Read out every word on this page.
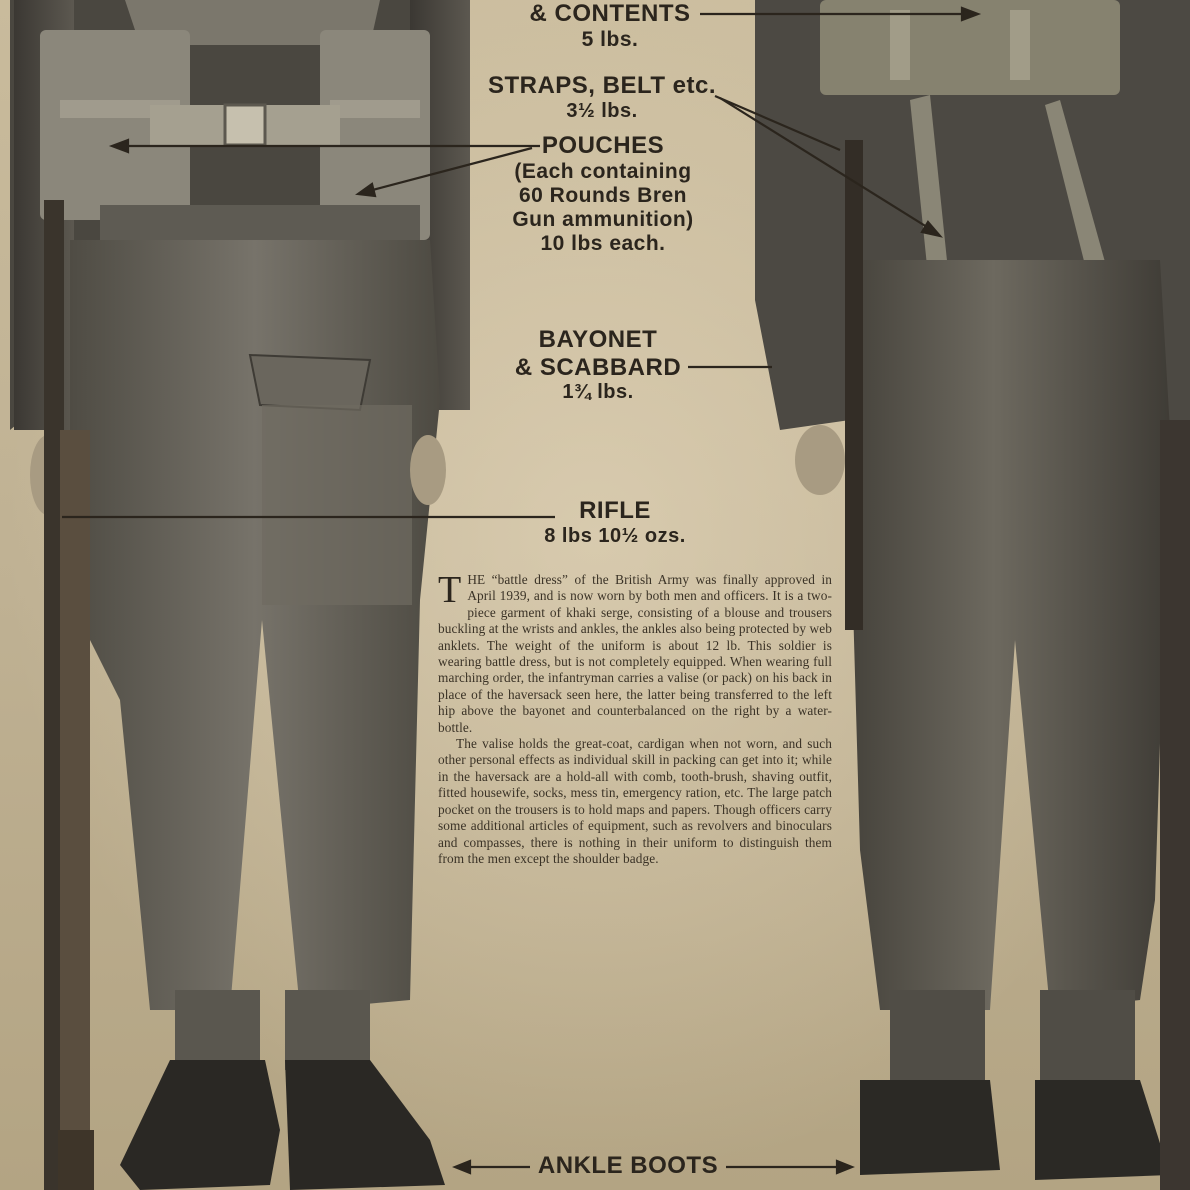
& CONTENTS
5 lbs.
STRAPS, BELT etc.
3½ lbs.
POUCHES
(Each containing
60 Rounds Bren
Gun ammunition)
10 lbs each.
BAYONET
& SCABBARD
1¾ lbs.
RIFLE
8 lbs 10½ ozs.
ANKLE BOOTS

THE “battle dress” of the British Army was finally approved in April 1939, and is now worn by both men and officers. It is a two-piece garment of khaki serge, consisting of a blouse and trousers buckling at the wrists and ankles, the ankles also being protected by web anklets. The weight of the uniform is about 12 lb. This soldier is wearing battle dress, but is not completely equipped. When wearing full marching order, the infantryman carries a valise (or pack) on his back in place of the haversack seen here, the latter being transferred to the left hip above the bayonet and counterbalanced on the right by a water-bottle.

The valise holds the great-coat, cardigan when not worn, and such other personal effects as individual skill in packing can get into it; while in the haversack are a hold-all with comb, tooth-brush, shaving outfit, fitted housewife, socks, mess tin, emergency ration, etc. The large patch pocket on the trousers is to hold maps and papers. Though officers carry some additional articles of equipment, such as revolvers and binoculars and compasses, there is nothing in their uniform to distinguish them from the men except the shoulder badge.
